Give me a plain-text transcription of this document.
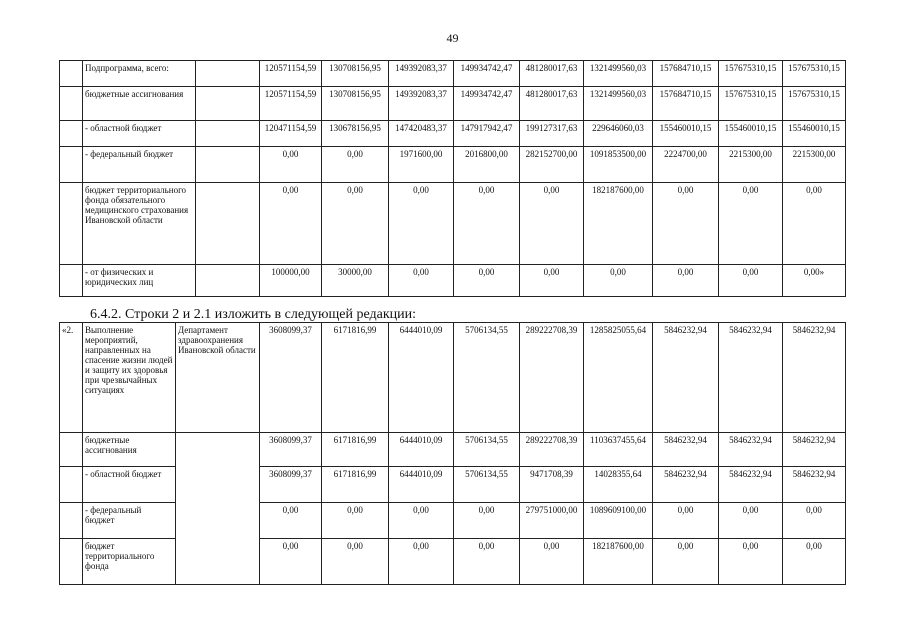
49
	Подпрограмма, всего:		120571154,59	130708156,95	149392083,37	149934742,47	481280017,63	1321499560,03	157684710,15	157675310,15	157675310,15
	бюджетные ассигнования		120571154,59	130708156,95	149392083,37	149934742,47	481280017,63	1321499560,03	157684710,15	157675310,15	157675310,15
	- областной бюджет		120471154,59	130678156,95	147420483,37	147917942,47	199127317,63	229646060,03	155460010,15	155460010,15	155460010,15
	- федеральный бюджет		0,00	0,00	1971600,00	2016800,00	282152700,00	1091853500,00	2224700,00	2215300,00	2215300,00
	бюджет территориального фонда обязательного медицинского страхования Ивановской области		0,00	0,00	0,00	0,00	0,00	182187600,00	0,00	0,00	0,00
	- от физических и юридических лиц		100000,00	30000,00	0,00	0,00	0,00	0,00	0,00	0,00	0,00»
6.4.2. Строки 2 и 2.1 изложить в следующей редакции:
«2.	Выполнение мероприятий, направленных на спасение жизни людей и защиту их здоровья при чрезвычайных ситуациях	Департамент здравоохранения Ивановской области	3608099,37	6171816,99	6444010,09	5706134,55	289222708,39	1285825055,64	5846232,94	5846232,94	5846232,94
	бюджетные ассигнования		3608099,37	6171816,99	6444010,09	5706134,55	289222708,39	1103637455,64	5846232,94	5846232,94	5846232,94
	- областной бюджет		3608099,37	6171816,99	6444010,09	5706134,55	9471708,39	14028355,64	5846232,94	5846232,94	5846232,94
	- федеральный бюджет		0,00	0,00	0,00	0,00	279751000,00	1089609100,00	0,00	0,00	0,00
	бюджет территориального фонда		0,00	0,00	0,00	0,00	0,00	182187600,00	0,00	0,00	0,00
